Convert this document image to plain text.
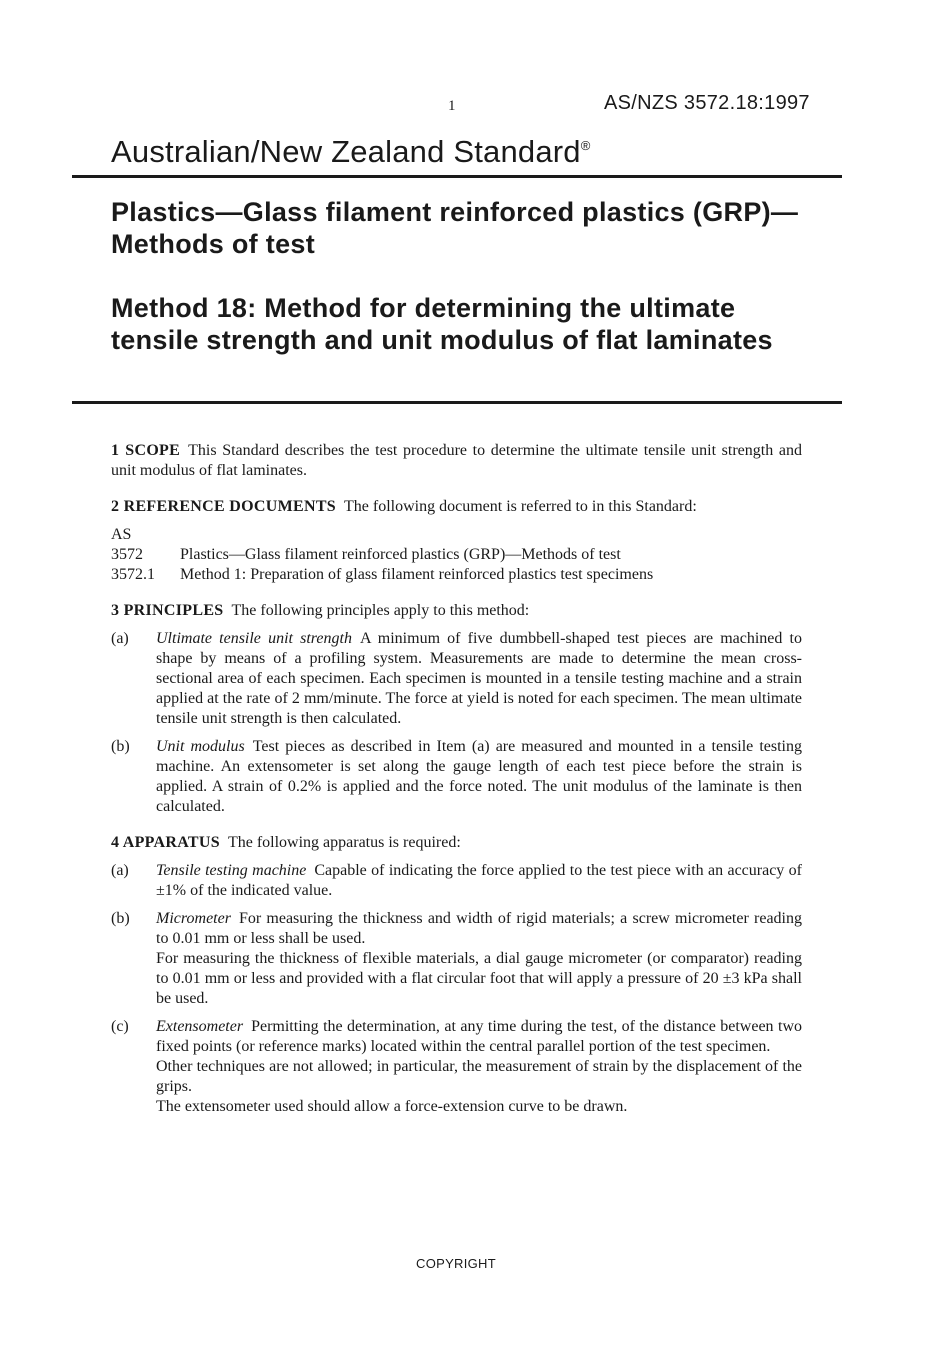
1	AS/NZS 3572.18:1997
Australian/New Zealand Standard®
Plastics—Glass filament reinforced plastics (GRP)—Methods of test
Method 18: Method for determining the ultimate tensile strength and unit modulus of flat laminates

1 SCOPE This Standard describes the test procedure to determine the ultimate tensile unit strength and unit modulus of flat laminates.

2 REFERENCE DOCUMENTS The following document is referred to in this Standard:

AS
3572	Plastics—Glass filament reinforced plastics (GRP)—Methods of test
3572.1	Method 1: Preparation of glass filament reinforced plastics test specimens

3 PRINCIPLES The following principles apply to this method:

(a)	Ultimate tensile unit strength A minimum of five dumbbell-shaped test pieces are machined to shape by means of a profiling system. Measurements are made to determine the mean cross-sectional area of each specimen. Each specimen is mounted in a tensile testing machine and a strain applied at the rate of 2 mm/minute. The force at yield is noted for each specimen. The mean ultimate tensile unit strength is then calculated.

(b)	Unit modulus Test pieces as described in Item (a) are measured and mounted in a tensile testing machine. An extensometer is set along the gauge length of each test piece before the strain is applied. A strain of 0.2% is applied and the force noted. The unit modulus of the laminate is then calculated.

4 APPARATUS The following apparatus is required:

(a)	Tensile testing machine Capable of indicating the force applied to the test piece with an accuracy of ±1% of the indicated value.

(b)	Micrometer For measuring the thickness and width of rigid materials; a screw micrometer reading to 0.01 mm or less shall be used.

For measuring the thickness of flexible materials, a dial gauge micrometer (or comparator) reading to 0.01 mm or less and provided with a flat circular foot that will apply a pressure of 20 ±3 kPa shall be used.

(c)	Extensometer Permitting the determination, at any time during the test, of the distance between two fixed points (or reference marks) located within the central parallel portion of the test specimen.

Other techniques are not allowed; in particular, the measurement of strain by the displacement of the grips.

The extensometer used should allow a force-extension curve to be drawn.

COPYRIGHT
